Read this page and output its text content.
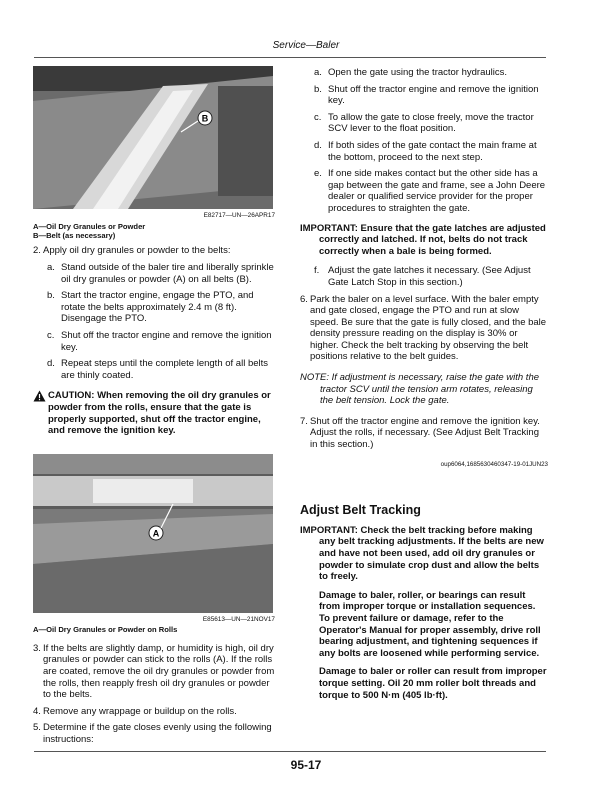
Service—Baler
B
E82717—UN—26APR17
A—Oil Dry Granules or Powder
B—Belt (as necessary)
2. Apply oil dry granules or powder to the belts:
a. Stand outside of the baler tire and liberally sprinkle oil dry granules or powder (A) on all belts (B).
b. Start the tractor engine, engage the PTO, and rotate the belts approximately 2.4 m (8 ft). Disengage the PTO.
c. Shut off the tractor engine and remove the ignition key.
d. Repeat steps until the complete length of all belts are thinly coated.
CAUTION: When removing the oil dry granules or powder from the rolls, ensure that the gate is properly supported, shut off the tractor engine, and remove the ignition key.
A
E85613—UN—21NOV17
A—Oil Dry Granules or Powder on Rolls
3. If the belts are slightly damp, or humidity is high, oil dry granules or powder can stick to the rolls (A). If the rolls are coated, remove the oil dry granules or powder from the rolls, then reapply fresh oil dry granules or powder to the belts.
4. Remove any wrappage or buildup on the rolls.
5. Determine if the gate closes evenly using the following instructions:
a. Open the gate using the tractor hydraulics.
b. Shut off the tractor engine and remove the ignition key.
c. To allow the gate to close freely, move the tractor SCV lever to the float position.
d. If both sides of the gate contact the main frame at the bottom, proceed to the next step.
e. If one side makes contact but the other side has a gap between the gate and frame, see a John Deere dealer or qualified service provider for the proper procedures to straighten the gate.
IMPORTANT: Ensure that the gate latches are adjusted correctly and latched. If not, belts do not track correctly when a bale is being formed.
f. Adjust the gate latches it necessary. (See Adjust Gate Latch Stop in this section.)
6. Park the baler on a level surface. With the baler empty and gate closed, engage the PTO and run at slow speed. Be sure that the gate is fully closed, and the bale density pressure reading on the display is 30% or higher. Check the belt tracking by observing the belt positions relative to the belt guides.
NOTE: If adjustment is necessary, raise the gate with the tractor SCV until the tension arm rotates, releasing the belt tension. Lock the gate.
7. Shut off the tractor engine and remove the ignition key. Adjust the rolls, if necessary. (See Adjust Belt Tracking in this section.)
oup6064,1685630460347-19-01JUN23
Adjust Belt Tracking
IMPORTANT: Check the belt tracking before making any belt tracking adjustments. If the belts are new and have not been used, add oil dry granules or powder to simulate crop dust and allow the belts to freely.
Damage to baler, roller, or bearings can result from improper torque or installation sequences. To prevent failure or damage, refer to the Operator's Manual for proper assembly, drive roll bearing adjustment, and tightening sequences if any bolts are loosened while performing service.
Damage to baler or roller can result from improper torque setting. Oil 20 mm roller bolt threads and torque to 500 N·m (405 lb·ft).
95-17
